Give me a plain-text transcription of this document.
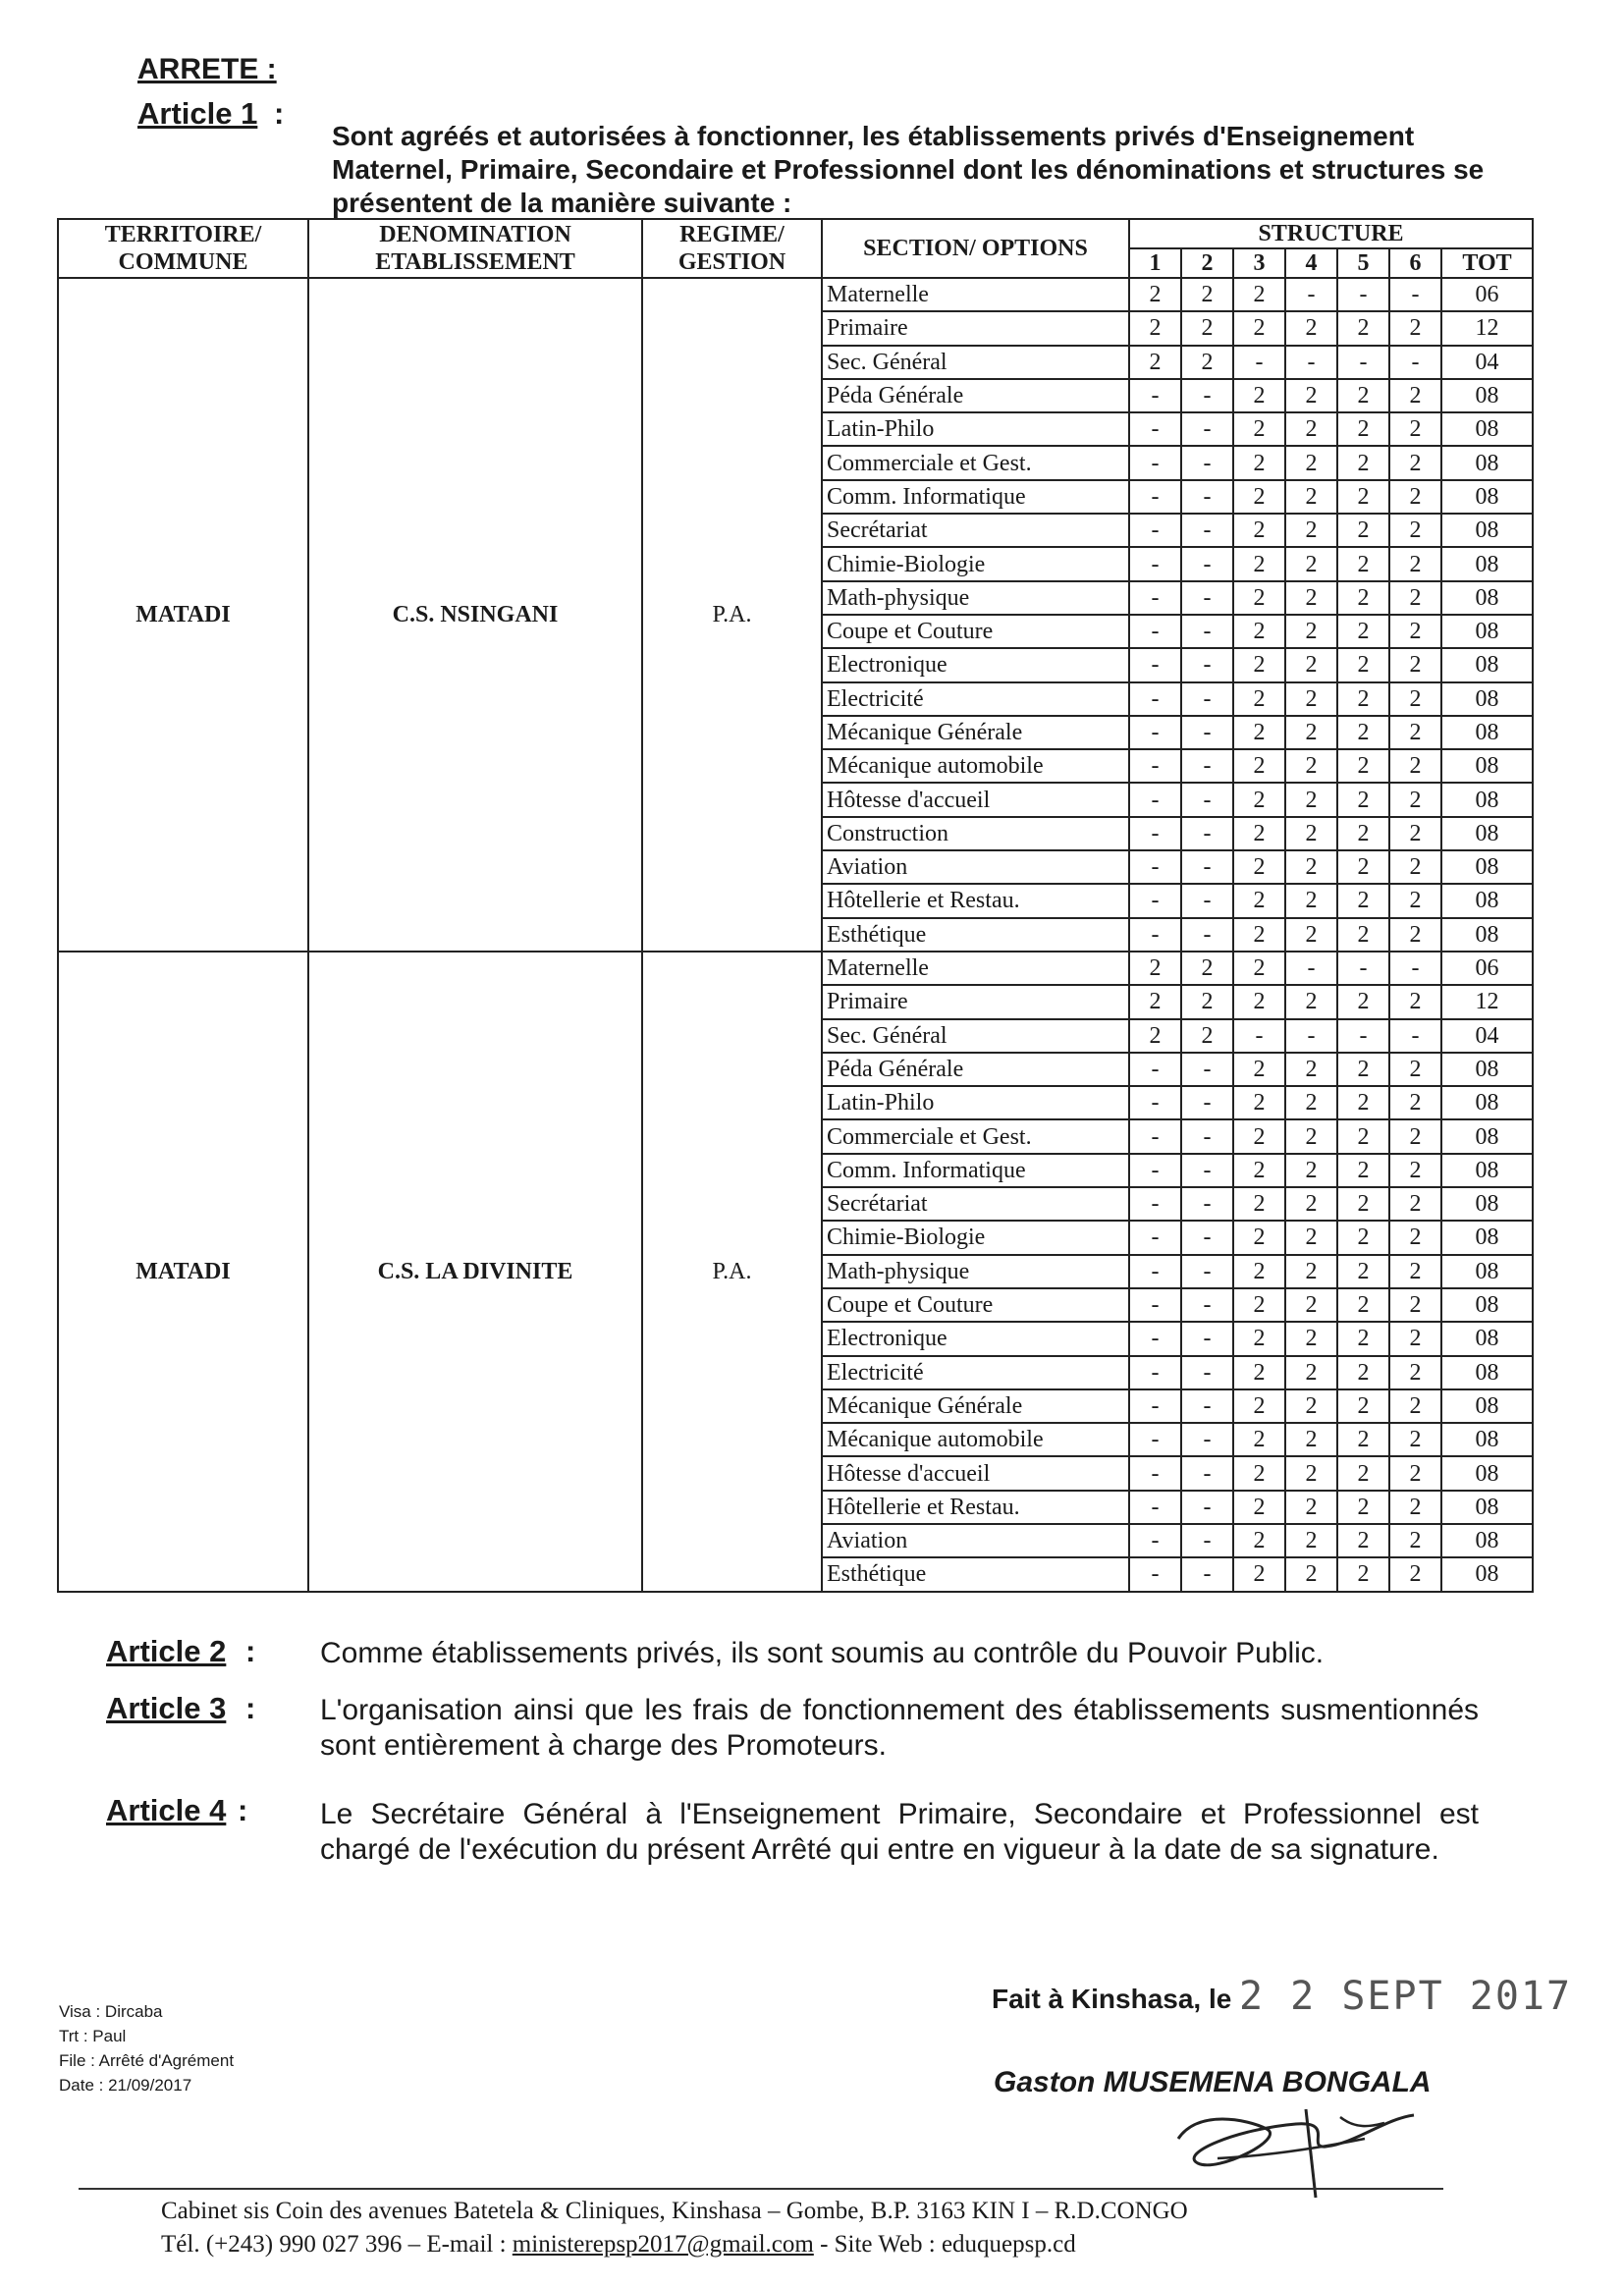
ARRETE :
Article 1 :
Sont agréés et autorisées à fonctionner, les établissements privés d'Enseignement Maternel, Primaire, Secondaire et Professionnel dont les dénominations et structures se présentent de la manière suivante :
TERRITOIRE/ COMMUNE	DENOMINATION ETABLISSEMENT	REGIME/ GESTION	SECTION/ OPTIONS	STRUCTURE						
				1	2	3	4	5	6	TOT
MATADI	C.S. NSINGANI	P.A.	Maternelle	2	2	2	-	-	-	06
			Primaire	2	2	2	2	2	2	12
			Sec. Général	2	2	-	-	-	-	04
			Péda Générale	-	-	2	2	2	2	08
			Latin-Philo	-	-	2	2	2	2	08
			Commerciale et Gest.	-	-	2	2	2	2	08
			Comm. Informatique	-	-	2	2	2	2	08
			Secrétariat	-	-	2	2	2	2	08
			Chimie-Biologie	-	-	2	2	2	2	08
			Math-physique	-	-	2	2	2	2	08
			Coupe et Couture	-	-	2	2	2	2	08
			Electronique	-	-	2	2	2	2	08
			Electricité	-	-	2	2	2	2	08
			Mécanique Générale	-	-	2	2	2	2	08
			Mécanique automobile	-	-	2	2	2	2	08
			Hôtesse d'accueil	-	-	2	2	2	2	08
			Construction	-	-	2	2	2	2	08
			Aviation	-	-	2	2	2	2	08
			Hôtellerie et Restau.	-	-	2	2	2	2	08
			Esthétique	-	-	2	2	2	2	08
MATADI	C.S. LA DIVINITE	P.A.	Maternelle	2	2	2	-	-	-	06
			Primaire	2	2	2	2	2	2	12
			Sec. Général	2	2	-	-	-	-	04
			Péda Générale	-	-	2	2	2	2	08
			Latin-Philo	-	-	2	2	2	2	08
			Commerciale et Gest.	-	-	2	2	2	2	08
			Comm. Informatique	-	-	2	2	2	2	08
			Secrétariat	-	-	2	2	2	2	08
			Chimie-Biologie	-	-	2	2	2	2	08
			Math-physique	-	-	2	2	2	2	08
			Coupe et Couture	-	-	2	2	2	2	08
			Electronique	-	-	2	2	2	2	08
			Electricité	-	-	2	2	2	2	08
			Mécanique Générale	-	-	2	2	2	2	08
			Mécanique automobile	-	-	2	2	2	2	08
			Hôtesse d'accueil	-	-	2	2	2	2	08
			Hôtellerie et Restau.	-	-	2	2	2	2	08
			Aviation	-	-	2	2	2	2	08
			Esthétique	-	-	2	2	2	2	08
Article 2 : Comme établissements privés, ils sont soumis au contrôle du Pouvoir Public.
Article 3 : L'organisation ainsi que les frais de fonctionnement des établissements susmentionnés sont entièrement à charge des Promoteurs.
Article 4 : Le Secrétaire Général à l'Enseignement Primaire, Secondaire et Professionnel est chargé de l'exécution du présent Arrêté qui entre en vigueur à la date de sa signature.
Visa : Dircaba
Trt : Paul
File : Arrêté d'Agrément
Date : 21/09/2017
Fait à Kinshasa, le 2 2 SEPT 2017
Gaston MUSEMENA BONGALA
Cabinet sis Coin des avenues Batetela & Cliniques, Kinshasa – Gombe, B.P. 3163 KIN I – R.D.CONGO
Tél. (+243) 990 027 396 – E-mail : ministerepsp2017@gmail.com - Site Web : eduquepsp.cd
